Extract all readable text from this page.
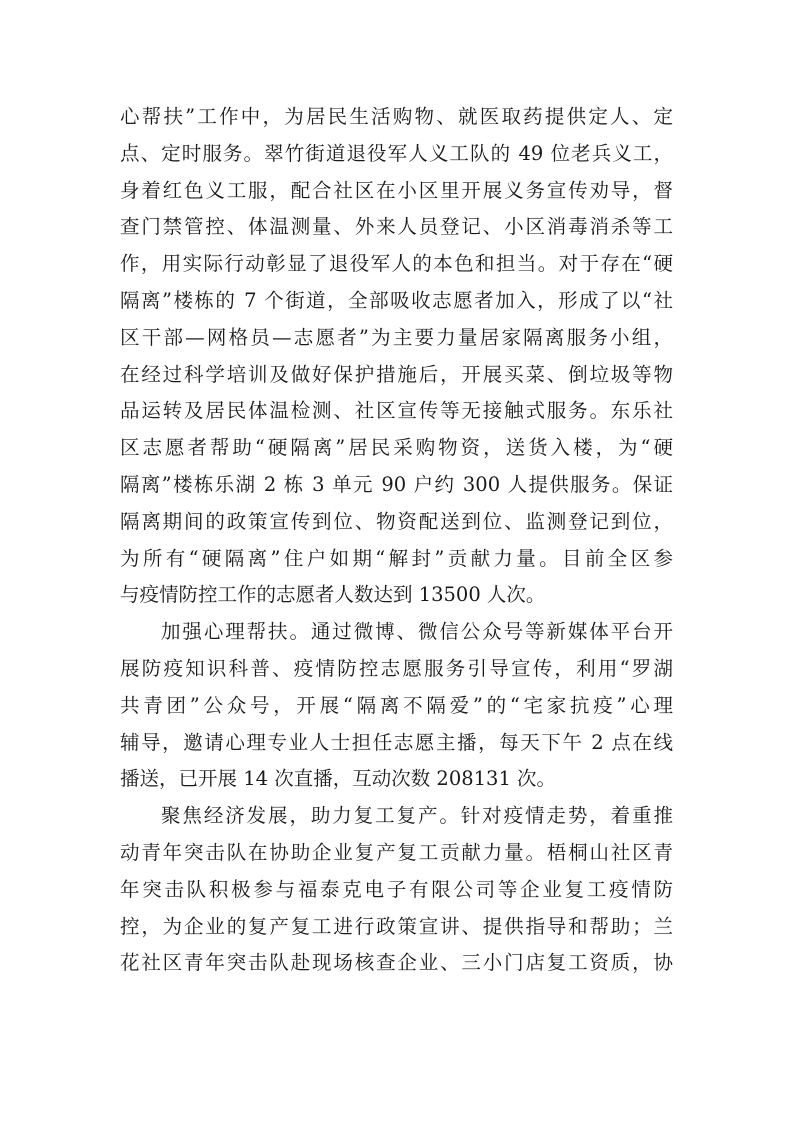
心帮扶”工作中，为居民生活购物、就医取药提供定人、定
点、定时服务。翠竹街道退役军人义工队的 49 位老兵义工，
身着红色义工服，配合社区在小区里开展义务宣传劝导，督
查门禁管控、体温测量、外来人员登记、小区消毒消杀等工
作，用实际行动彰显了退役军人的本色和担当。对于存在“硬
隔离”楼栋的 7 个街道，全部吸收志愿者加入，形成了以“社
区干部—网格员—志愿者”为主要力量居家隔离服务小组，
在经过科学培训及做好保护措施后，开展买菜、倒垃圾等物
品运转及居民体温检测、社区宣传等无接触式服务。东乐社
区志愿者帮助“硬隔离”居民采购物资，送货入楼，为“硬
隔离”楼栋乐湖 2 栋 3 单元 90 户约 300 人提供服务。保证
隔离期间的政策宣传到位、物资配送到位、监测登记到位，
为所有“硬隔离”住户如期“解封”贡献力量。目前全区参
与疫情防控工作的志愿者人数达到 13500 人次。
加强心理帮扶。通过微博、微信公众号等新媒体平台开
展防疫知识科普、疫情防控志愿服务引导宣传，利用“罗湖
共青团”公众号，开展“隔离不隔爱”的“宅家抗疫”心理
辅导，邀请心理专业人士担任志愿主播，每天下午 2 点在线
播送，已开展 14 次直播，互动次数 208131 次。
聚焦经济发展，助力复工复产。针对疫情走势，着重推
动青年突击队在协助企业复产复工贡献力量。梧桐山社区青
年突击队积极参与福泰克电子有限公司等企业复工疫情防
控，为企业的复产复工进行政策宣讲、提供指导和帮助；兰
花社区青年突击队赴现场核查企业、三小门店复工资质，协
